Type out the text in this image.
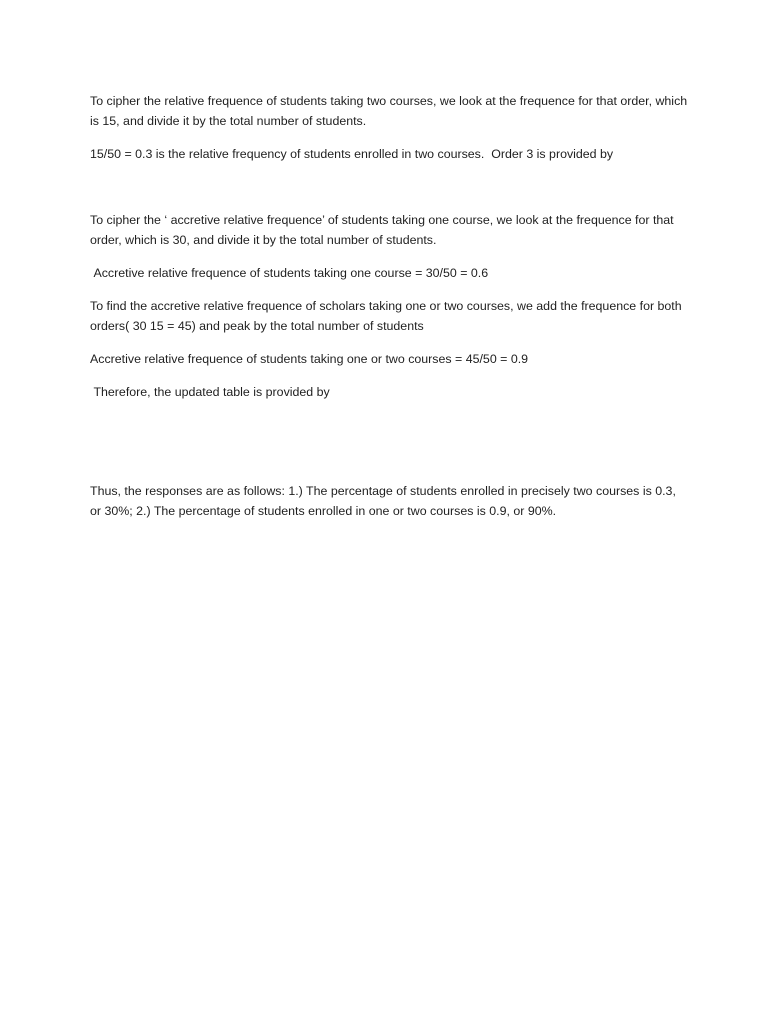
To cipher the relative frequence of students taking two courses, we look at the frequence for that order, which is 15, and divide it by the total number of students.

15/50 = 0.3 is the relative frequency of students enrolled in two courses.  Order 3 is provided by

To cipher the ‘ accretive relative frequence’ of students taking one course, we look at the frequence for that order, which is 30, and divide it by the total number of students.

Accretive relative frequence of students taking one course = 30/50 = 0.6

To find the accretive relative frequence of scholars taking one or two courses, we add the frequence for both orders( 30 15 = 45) and peak by the total number of students

Accretive relative frequence of students taking one or two courses = 45/50 = 0.9

Therefore, the updated table is provided by

Thus, the responses are as follows: 1.) The percentage of students enrolled in precisely two courses is 0.3, or 30%; 2.) The percentage of students enrolled in one or two courses is 0.9, or 90%.
